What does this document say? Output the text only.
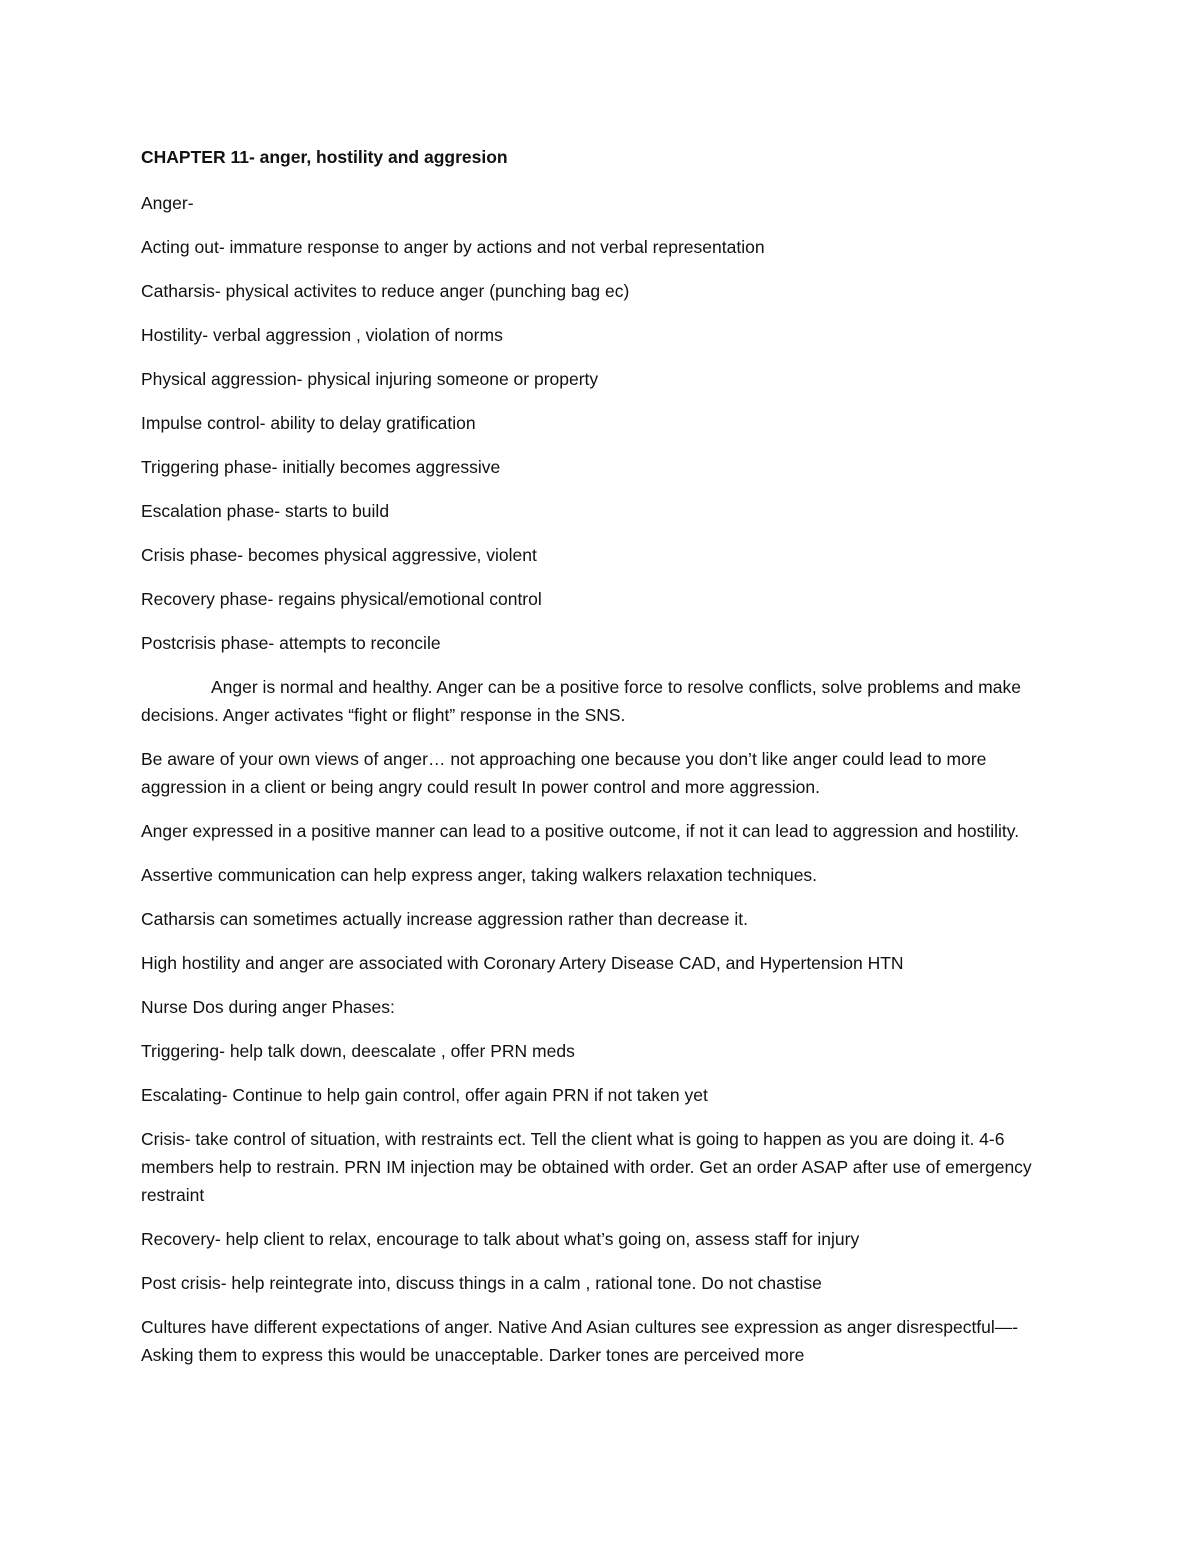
CHAPTER 11- anger, hostility and aggresion

Anger-

Acting out- immature response to anger by actions and not verbal representation

Catharsis- physical activites to reduce anger (punching bag ec)

Hostility- verbal aggression , violation of norms

Physical aggression- physical injuring someone or property

Impulse control- ability to delay gratification

Triggering phase- initially becomes aggressive

Escalation phase- starts to build

Crisis phase- becomes physical aggressive, violent

Recovery phase- regains physical/emotional control

Postcrisis phase- attempts to reconcile

Anger is normal and healthy. Anger can be a positive force to resolve conflicts, solve problems and make decisions. Anger activates “fight or flight” response in the SNS.

Be aware of your own views of anger… not approaching one because you don’t like anger could lead to more aggression in a client or being angry could result In power control and more aggression.

Anger expressed in a positive manner can lead to a positive outcome, if not it can lead to aggression and hostility.

Assertive communication can help express anger, taking walkers relaxation techniques.

Catharsis can sometimes actually increase aggression rather than decrease it.

High hostility and anger are associated with Coronary Artery Disease CAD, and Hypertension HTN

Nurse Dos during anger Phases:

Triggering- help talk down, deescalate , offer PRN meds

Escalating- Continue to help gain control, offer again PRN if not taken yet

Crisis- take control of situation, with restraints ect. Tell the client what is going to happen as you are doing it. 4-6 members help to restrain. PRN IM injection may be obtained with order. Get an order ASAP after use of emergency restraint

Recovery- help client to relax, encourage to talk about what’s going on, assess staff for injury

Post crisis- help reintegrate into, discuss things in a calm , rational tone. Do not chastise

Cultures have different expectations of anger. Native And Asian cultures see expression as anger disrespectful—- Asking them to express this would be unacceptable. Darker tones are perceived more
